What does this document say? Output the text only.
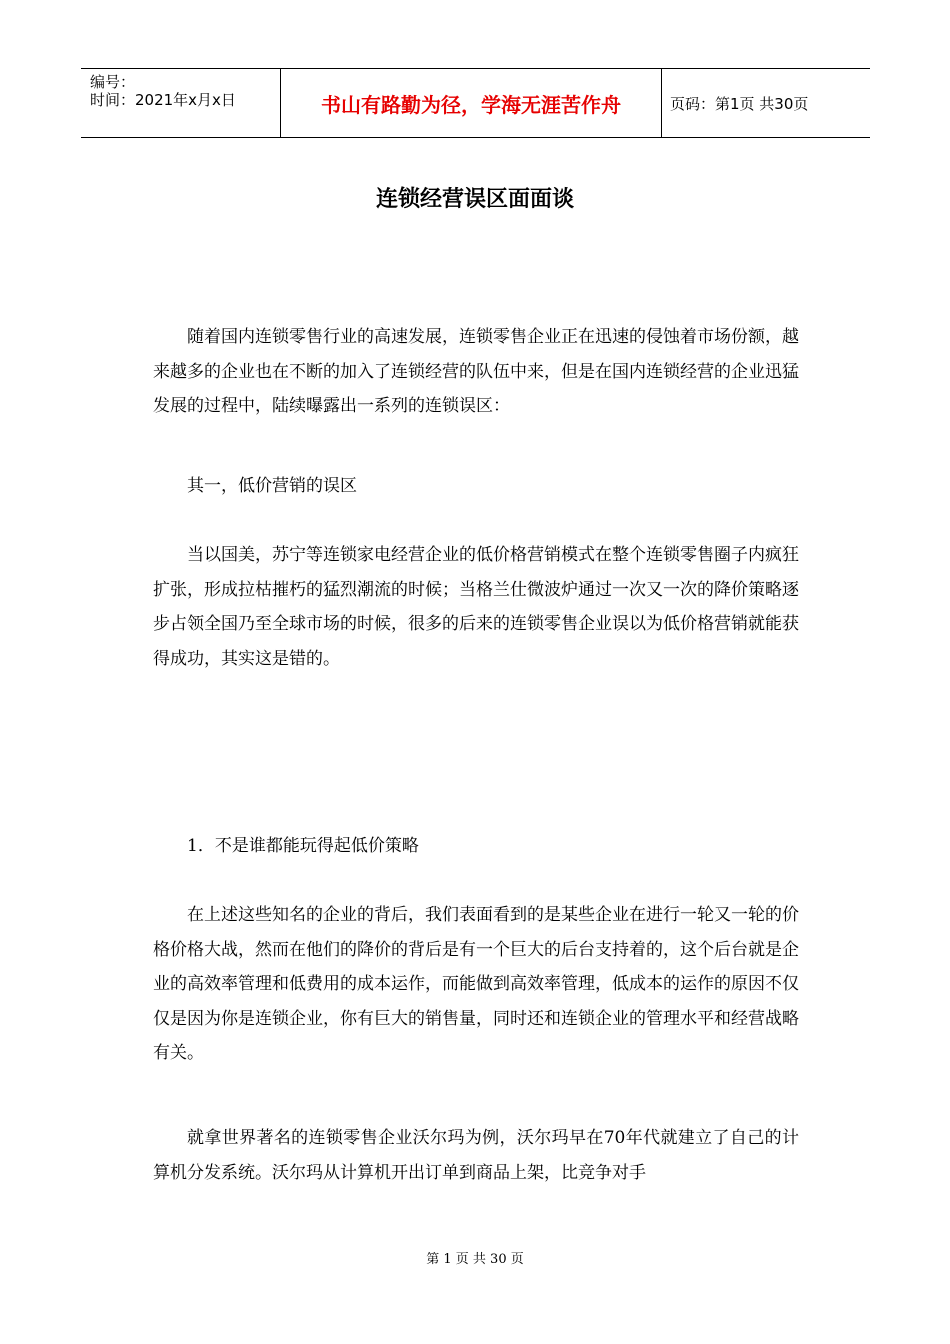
编号：
时间：2021年x月x日	书山有路勤为径，学海无涯苦作舟	页码：第1页 共30页
连锁经营误区面面谈

随着国内连锁零售行业的高速发展，连锁零售企业正在迅速的侵蚀着市场份额，越来越多的企业也在不断的加入了连锁经营的队伍中来，但是在国内连锁经营的企业迅猛发展的过程中，陆续曝露出一系列的连锁误区：

其一，低价营销的误区

当以国美，苏宁等连锁家电经营企业的低价格营销模式在整个连锁零售圈子内疯狂扩张，形成拉枯摧朽的猛烈潮流的时候；当格兰仕微波炉通过一次又一次的降价策略逐步占领全国乃至全球市场的时候，很多的后来的连锁零售企业误以为低价格营销就能获得成功，其实这是错的。

1．不是谁都能玩得起低价策略

在上述这些知名的企业的背后，我们表面看到的是某些企业在进行一轮又一轮的价格价格大战，然而在他们的降价的背后是有一个巨大的后台支持着的，这个后台就是企业的高效率管理和低费用的成本运作，而能做到高效率管理，低成本的运作的原因不仅仅是因为你是连锁企业，你有巨大的销售量，同时还和连锁企业的管理水平和经营战略有关。

就拿世界著名的连锁零售企业沃尔玛为例，沃尔玛早在70年代就建立了自己的计算机分发系统。沃尔玛从计算机开出订单到商品上架，比竞争对手

第 1 页 共 30 页
